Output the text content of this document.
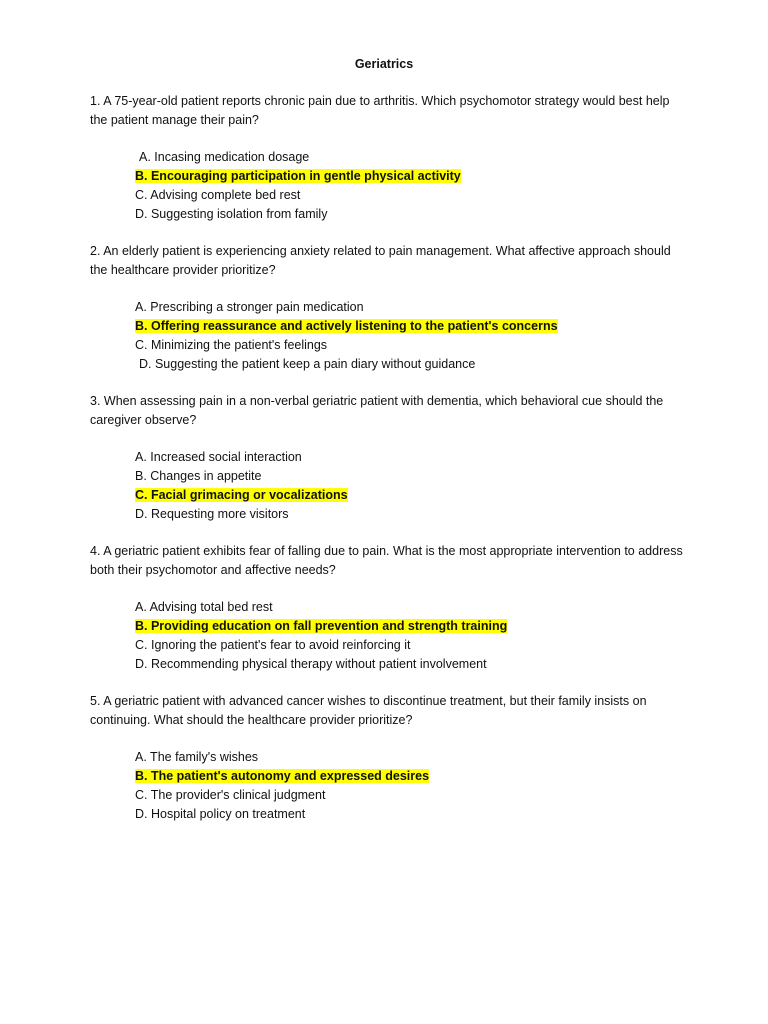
Geriatrics

1. A 75-year-old patient reports chronic pain due to arthritis. Which psychomotor strategy would best help the patient manage their pain?

A. Incasing medication dosage
B. Encouraging participation in gentle physical activity
C. Advising complete bed rest
D. Suggesting isolation from family

2. An elderly patient is experiencing anxiety related to pain management. What affective approach should the healthcare provider prioritize?

A. Prescribing a stronger pain medication
B. Offering reassurance and actively listening to the patient's concerns
C. Minimizing the patient's feelings
D. Suggesting the patient keep a pain diary without guidance

3. When assessing pain in a non-verbal geriatric patient with dementia, which behavioral cue should the caregiver observe?

A. Increased social interaction
B. Changes in appetite
C. Facial grimacing or vocalizations
D. Requesting more visitors

4. A geriatric patient exhibits fear of falling due to pain. What is the most appropriate intervention to address both their psychomotor and affective needs?

A. Advising total bed rest
B. Providing education on fall prevention and strength training
C. Ignoring the patient's fear to avoid reinforcing it
D. Recommending physical therapy without patient involvement

5. A geriatric patient with advanced cancer wishes to discontinue treatment, but their family insists on continuing. What should the healthcare provider prioritize?

A. The family's wishes
B. The patient's autonomy and expressed desires
C. The provider's clinical judgment
D. Hospital policy on treatment
